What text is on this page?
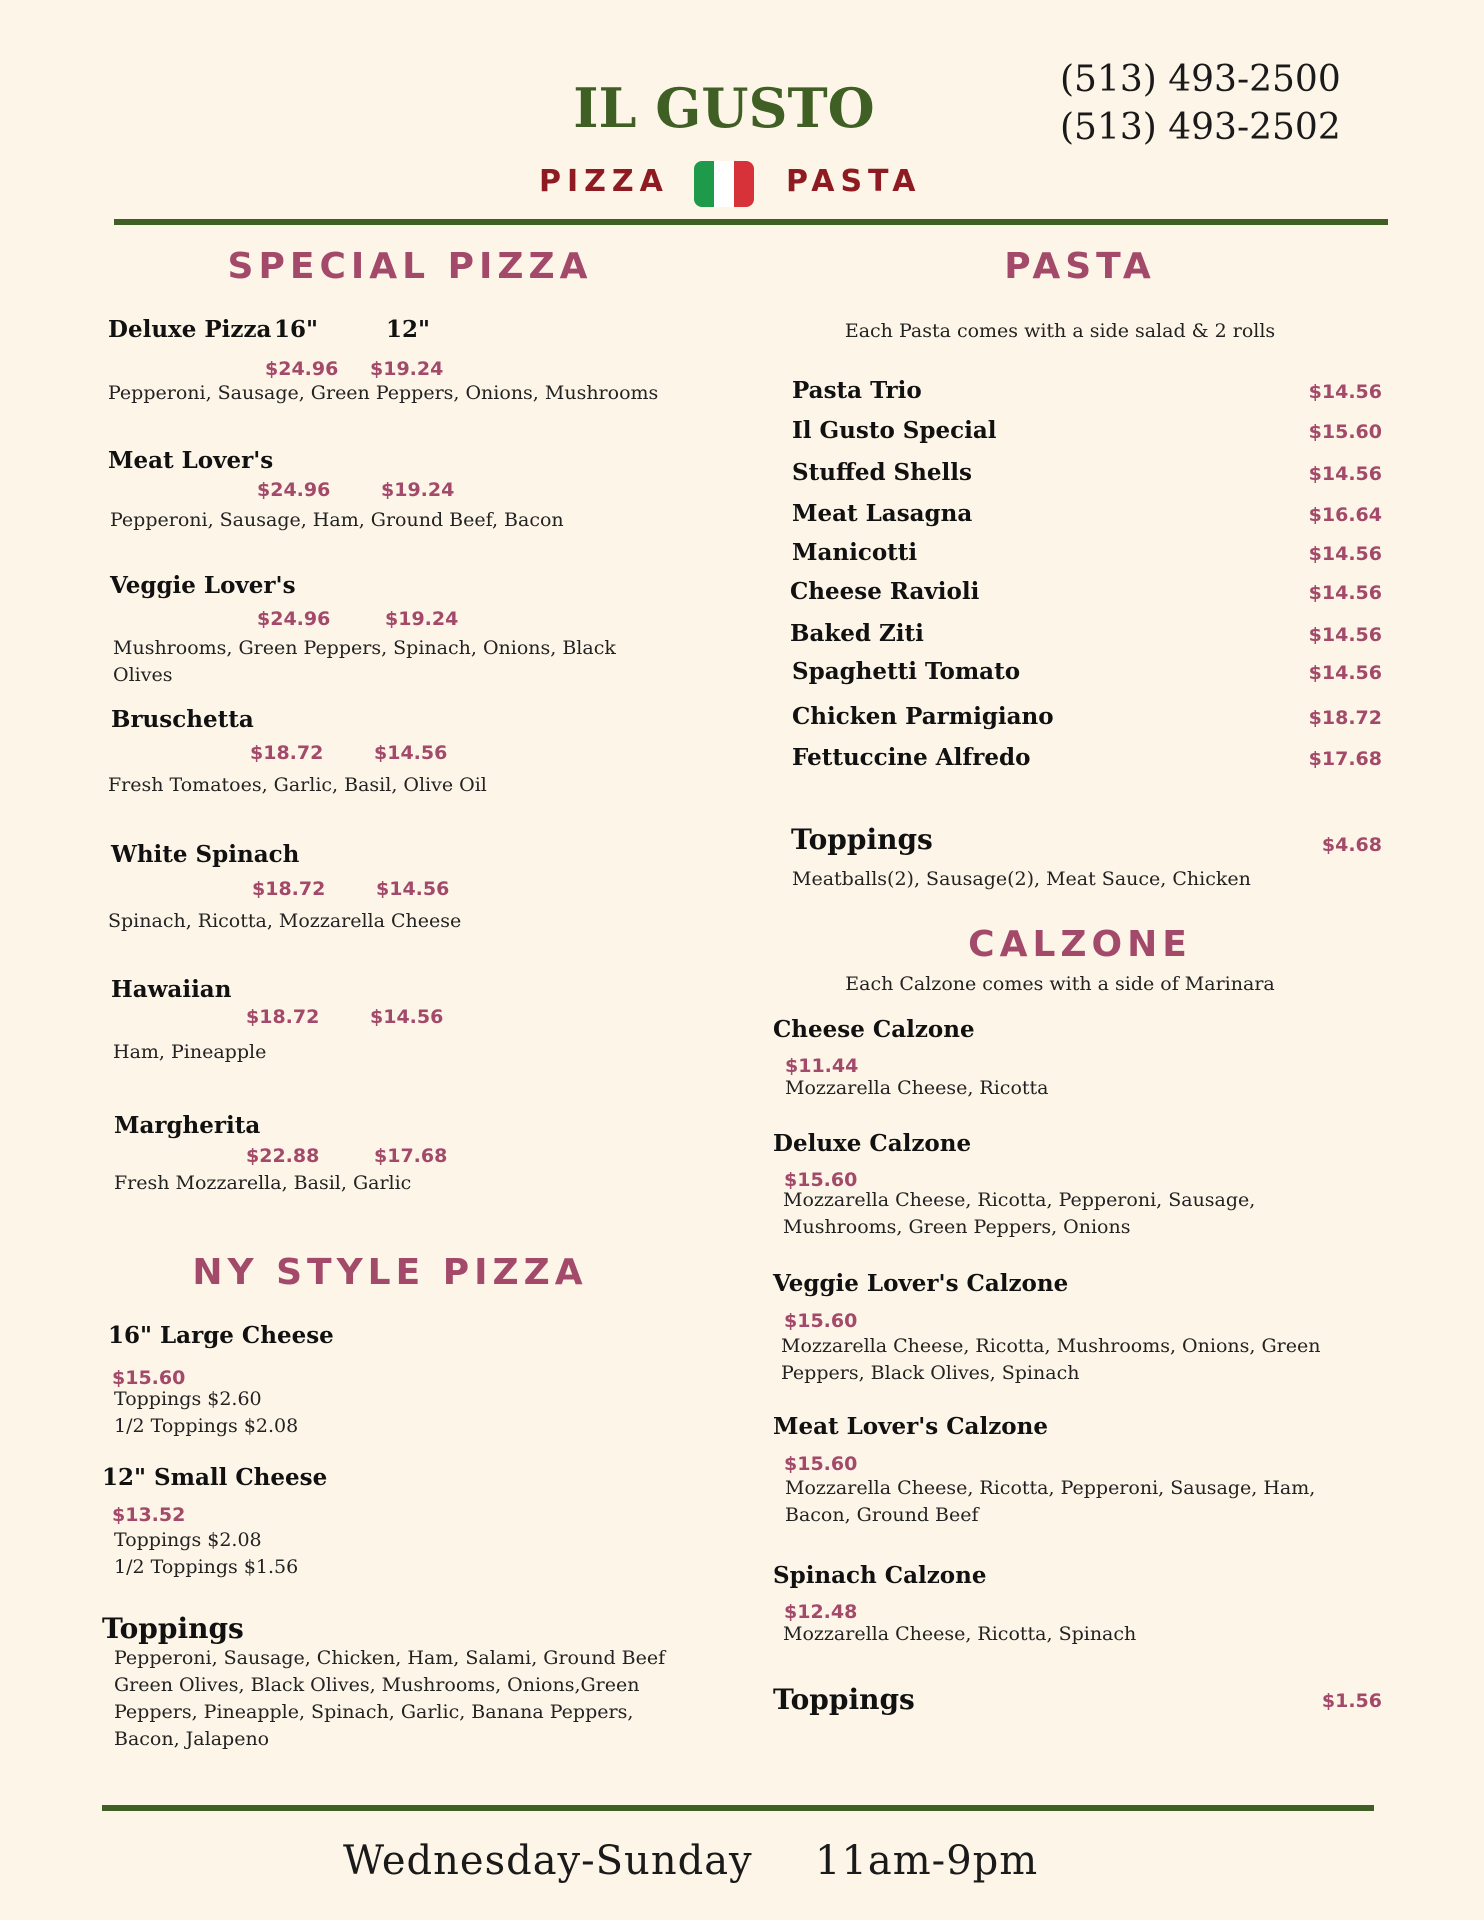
IL GUSTO	(513) 493-2500
(513) 493-2502
PIZZA	PASTA
SPECIAL PIZZA
Deluxe Pizza 16"	12"
$24.96 $19.24
Pepperoni, Sausage, Green Peppers, Onions, Mushrooms
Meat Lover's
$24.96	$19.24
Pepperoni, Sausage, Ham, Ground Beef, Bacon
Veggie Lover's
$24.96	$19.24
Mushrooms, Green Peppers, Spinach, Onions, Black Olives
Bruschetta
$18.72	$14.56
Fresh Tomatoes, Garlic, Basil, Olive Oil
White Spinach
$18.72	$14.56
Spinach, Ricotta, Mozzarella Cheese
Hawaiian
$18.72	$14.56
Ham, Pineapple
Margherita
$22.88	$17.68
Fresh Mozzarella, Basil, Garlic
NY STYLE PIZZA
16" Large Cheese
$15.60
Toppings $2.60
1/2 Toppings $2.08
12" Small Cheese
$13.52
Toppings $2.08
1/2 Toppings $1.56
Toppings
Pepperoni, Sausage, Chicken, Ham, Salami, Ground Beef
Green Olives, Black Olives, Mushrooms, Onions,Green
Peppers, Pineapple, Spinach, Garlic, Banana Peppers,
Bacon, Jalapeno
PASTA
Each Pasta comes with a side salad & 2 rolls
Pasta Trio	$14.56
Il Gusto Special	$15.60
Stuffed Shells	$14.56
Meat Lasagna	$16.64
Manicotti	$14.56
Cheese Ravioli	$14.56
Baked Ziti	$14.56
Spaghetti Tomato	$14.56
Chicken Parmigiano	$18.72
Fettuccine Alfredo	$17.68
Toppings	$4.68
Meatballs(2), Sausage(2), Meat Sauce, Chicken
CALZONE
Each Calzone comes with a side of Marinara
Cheese Calzone
$11.44
Mozzarella Cheese, Ricotta
Deluxe Calzone
$15.60
Mozzarella Cheese, Ricotta, Pepperoni, Sausage,
Mushrooms, Green Peppers, Onions
Veggie Lover's Calzone
$15.60
Mozzarella Cheese, Ricotta, Mushrooms, Onions, Green
Peppers, Black Olives, Spinach
Meat Lover's Calzone
$15.60
Mozzarella Cheese, Ricotta, Pepperoni, Sausage, Ham,
Bacon, Ground Beef
Spinach Calzone
$12.48
Mozzarella Cheese, Ricotta, Spinach
Toppings	$1.56
Wednesday-Sunday 11am-9pm
